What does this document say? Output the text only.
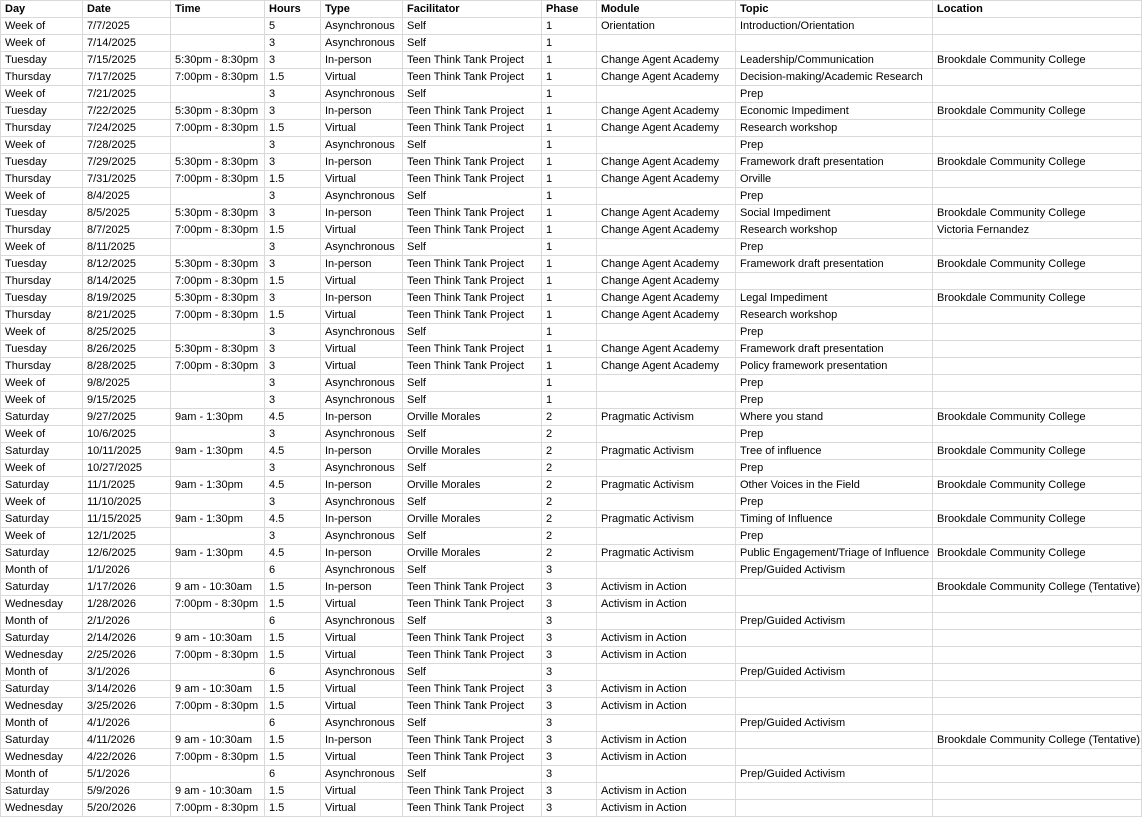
Day	Date	Time	Hours	Type	Facilitator	Phase	Module	Topic	Location
Week of	7/7/2025		5	Asynchronous	Self	1	Orientation	Introduction/Orientation	
Week of	7/14/2025		3	Asynchronous	Self	1			
Tuesday	7/15/2025	5:30pm - 8:30pm	3	In-person	Teen Think Tank Project	1	Change Agent Academy	Leadership/Communication	Brookdale Community College
Thursday	7/17/2025	7:00pm - 8:30pm	1.5	Virtual	Teen Think Tank Project	1	Change Agent Academy	Decision-making/Academic Research	
Week of	7/21/2025		3	Asynchronous	Self	1		Prep	
Tuesday	7/22/2025	5:30pm - 8:30pm	3	In-person	Teen Think Tank Project	1	Change Agent Academy	Economic Impediment	Brookdale Community College
Thursday	7/24/2025	7:00pm - 8:30pm	1.5	Virtual	Teen Think Tank Project	1	Change Agent Academy	Research workshop	
Week of	7/28/2025		3	Asynchronous	Self	1		Prep	
Tuesday	7/29/2025	5:30pm - 8:30pm	3	In-person	Teen Think Tank Project	1	Change Agent Academy	Framework draft presentation	Brookdale Community College
Thursday	7/31/2025	7:00pm - 8:30pm	1.5	Virtual	Teen Think Tank Project	1	Change Agent Academy	Orville	
Week of	8/4/2025		3	Asynchronous	Self	1		Prep	
Tuesday	8/5/2025	5:30pm - 8:30pm	3	In-person	Teen Think Tank Project	1	Change Agent Academy	Social Impediment	Brookdale Community College
Thursday	8/7/2025	7:00pm - 8:30pm	1.5	Virtual	Teen Think Tank Project	1	Change Agent Academy	Research workshop	Victoria Fernandez
Week of	8/11/2025		3	Asynchronous	Self	1		Prep	
Tuesday	8/12/2025	5:30pm - 8:30pm	3	In-person	Teen Think Tank Project	1	Change Agent Academy	Framework draft presentation	Brookdale Community College
Thursday	8/14/2025	7:00pm - 8:30pm	1.5	Virtual	Teen Think Tank Project	1	Change Agent Academy		
Tuesday	8/19/2025	5:30pm - 8:30pm	3	In-person	Teen Think Tank Project	1	Change Agent Academy	Legal Impediment	Brookdale Community College
Thursday	8/21/2025	7:00pm - 8:30pm	1.5	Virtual	Teen Think Tank Project	1	Change Agent Academy	Research workshop	
Week of	8/25/2025		3	Asynchronous	Self	1		Prep	
Tuesday	8/26/2025	5:30pm - 8:30pm	3	Virtual	Teen Think Tank Project	1	Change Agent Academy	Framework draft presentation	
Thursday	8/28/2025	7:00pm - 8:30pm	3	Virtual	Teen Think Tank Project	1	Change Agent Academy	Policy framework presentation	
Week of	9/8/2025		3	Asynchronous	Self	1		Prep	
Week of	9/15/2025		3	Asynchronous	Self	1		Prep	
Saturday	9/27/2025	9am - 1:30pm	4.5	In-person	Orville Morales	2	Pragmatic Activism	Where you stand	Brookdale Community College
Week of	10/6/2025		3	Asynchronous	Self	2		Prep	
Saturday	10/11/2025	9am - 1:30pm	4.5	In-person	Orville Morales	2	Pragmatic Activism	Tree of influence	Brookdale Community College
Week of	10/27/2025		3	Asynchronous	Self	2		Prep	
Saturday	11/1/2025	9am - 1:30pm	4.5	In-person	Orville Morales	2	Pragmatic Activism	Other Voices in the Field	Brookdale Community College
Week of	11/10/2025		3	Asynchronous	Self	2		Prep	
Saturday	11/15/2025	9am - 1:30pm	4.5	In-person	Orville Morales	2	Pragmatic Activism	Timing of Influence	Brookdale Community College
Week of	12/1/2025		3	Asynchronous	Self	2		Prep	
Saturday	12/6/2025	9am - 1:30pm	4.5	In-person	Orville Morales	2	Pragmatic Activism	Public Engagement/Triage of Influence	Brookdale Community College
Month of	1/1/2026		6	Asynchronous	Self	3		Prep/Guided Activism	
Saturday	1/17/2026	9 am - 10:30am	1.5	In-person	Teen Think Tank Project	3	Activism in Action		Brookdale Community College (Tentative)
Wednesday	1/28/2026	7:00pm - 8:30pm	1.5	Virtual	Teen Think Tank Project	3	Activism in Action		
Month of	2/1/2026		6	Asynchronous	Self	3		Prep/Guided Activism	
Saturday	2/14/2026	9 am - 10:30am	1.5	Virtual	Teen Think Tank Project	3	Activism in Action		
Wednesday	2/25/2026	7:00pm - 8:30pm	1.5	Virtual	Teen Think Tank Project	3	Activism in Action		
Month of	3/1/2026		6	Asynchronous	Self	3		Prep/Guided Activism	
Saturday	3/14/2026	9 am - 10:30am	1.5	Virtual	Teen Think Tank Project	3	Activism in Action		
Wednesday	3/25/2026	7:00pm - 8:30pm	1.5	Virtual	Teen Think Tank Project	3	Activism in Action		
Month of	4/1/2026		6	Asynchronous	Self	3		Prep/Guided Activism	
Saturday	4/11/2026	9 am - 10:30am	1.5	In-person	Teen Think Tank Project	3	Activism in Action		Brookdale Community College (Tentative)
Wednesday	4/22/2026	7:00pm - 8:30pm	1.5	Virtual	Teen Think Tank Project	3	Activism in Action		
Month of	5/1/2026		6	Asynchronous	Self	3		Prep/Guided Activism	
Saturday	5/9/2026	9 am - 10:30am	1.5	Virtual	Teen Think Tank Project	3	Activism in Action		
Wednesday	5/20/2026	7:00pm - 8:30pm	1.5	Virtual	Teen Think Tank Project	3	Activism in Action		
